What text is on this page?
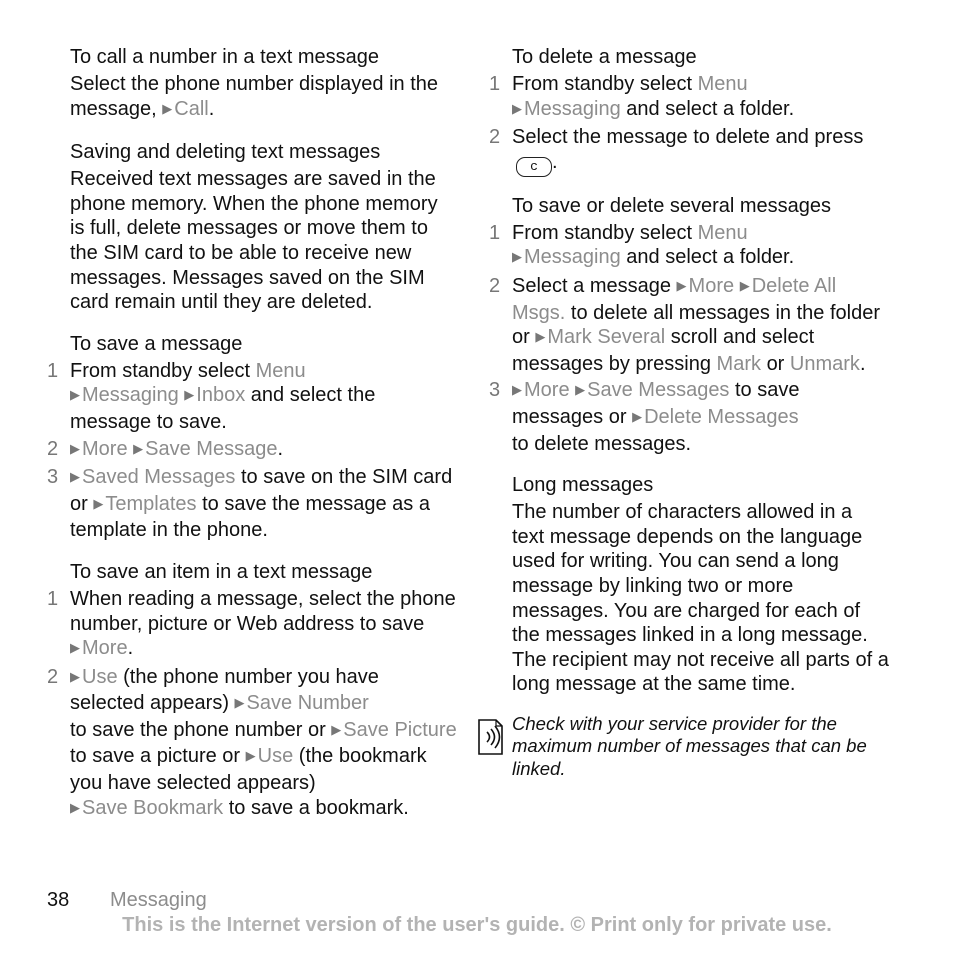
To call a number in a text message
Select the phone number displayed in the message, ▶ Call.
Saving and deleting text messages
Received text messages are saved in the phone memory. When the phone memory is full, delete messages or move them to the SIM card to be able to receive new messages. Messages saved on the SIM card remain until they are deleted.
To save a message
1 From standby select Menu
▶ Messaging ▶ Inbox and select the message to save.
2 ▶ More ▶ Save Message.
3 ▶ Saved Messages to save on the SIM card or ▶ Templates to save the message as a template in the phone.
To save an item in a text message
1 When reading a message, select the phone number, picture or Web address to save ▶ More.
2 ▶ Use (the phone number you have selected appears) ▶ Save Number
to save the phone number or ▶ Save Picture to save a picture or ▶ Use (the bookmark you have selected appears)
▶ Save Bookmark to save a bookmark.
To delete a message
1 From standby select Menu
▶ Messaging and select a folder.
2 Select the message to delete and press c .
To save or delete several messages
1 From standby select Menu
▶ Messaging and select a folder.
2 Select a message ▶ More ▶ Delete All Msgs. to delete all messages in the folder or ▶ Mark Several scroll and select messages by pressing Mark or Unmark.
3 ▶ More ▶ Save Messages to save messages or ▶ Delete Messages
to delete messages.
Long messages
The number of characters allowed in a text message depends on the language used for writing. You can send a long message by linking two or more messages. You are charged for each of the messages linked in a long message. The recipient may not receive all parts of a long message at the same time.
Check with your service provider for the maximum number of messages that can be linked.
38 Messaging
This is the Internet version of the user's guide. © Print only for private use.
